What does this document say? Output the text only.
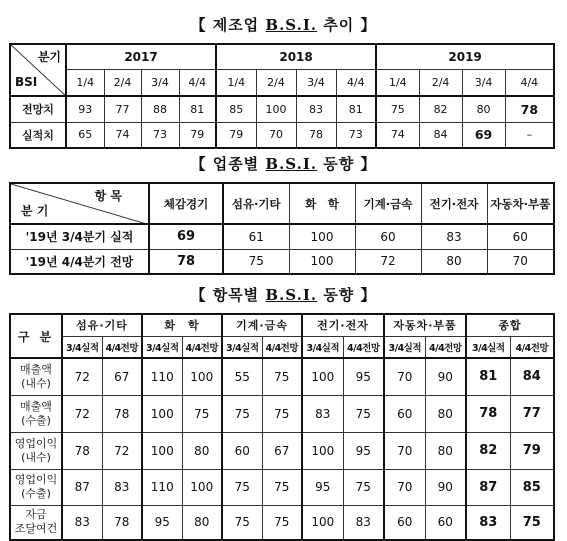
【 제조업 B.S.I. 추이 】
분기
BSI	2017				2018				2019			
	1/4	2/4	3/4	4/4	1/4	2/4	3/4	4/4	1/4	2/4	3/4	4/4
전망치	93	77	88	81	85	100	83	81	75	82	80	78
실적치	65	74	73	79	79	70	78	73	74	84	69	–
【 업종별 B.S.I. 동향 】
항 목
분 기	체감경기	섬유·기타	화　학	기계·금속	전기·전자	자동차·부품
'19년 3/4분기 실적	69	61	100	60	83	60
'19년 4/4분기 전망	78	75	100	72	80	70
【 항목별 B.S.I. 동향 】
구 분	섬유·기타		화　학		기계·금속		전기·전자		자동차·부품		종합	
	3/4실적	4/4전망	3/4실적	4/4전망	3/4실적	4/4전망	3/4실적	4/4전망	3/4실적	4/4전망	3/4실적	4/4전망

매출액
(내수)	72	67	110	100	55	75	100	95	70	90	81	84

매출액
(수출)	72	78	100	75	75	75	83	75	60	80	78	77

영업이익
(내수)	78	72	100	80	60	67	100	95	70	80	82	79

영업이익
(수출)	87	83	110	100	75	75	95	75	70	90	87	85

자금
조달여건	83	78	95	80	75	75	100	83	60	60	83	75
